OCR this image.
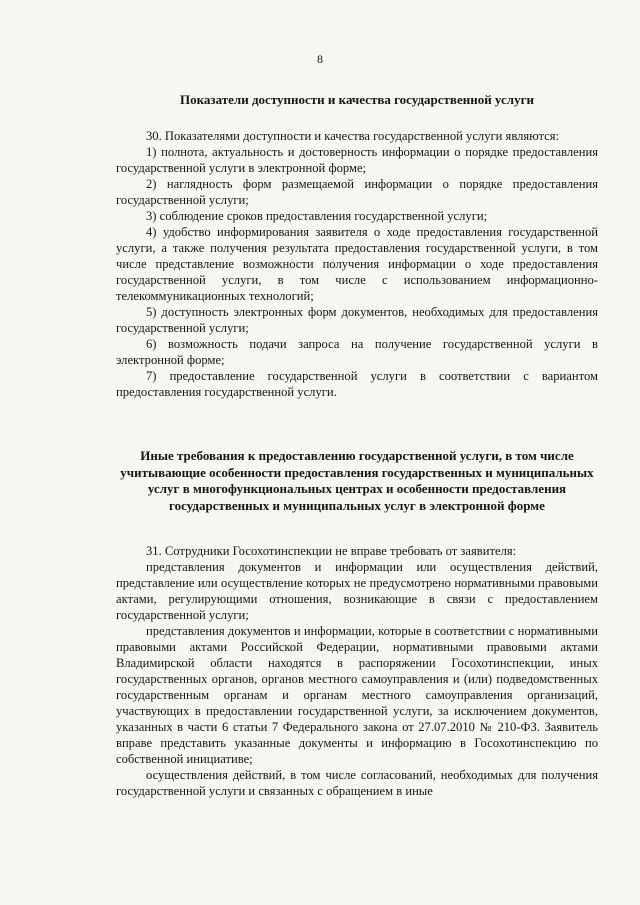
8
Показатели доступности и качества государственной услуги

30. Показателями доступности и качества государственной услуги являются:

1) полнота, актуальность и достоверность информации о порядке предоставления государственной услуги в электронной форме;

2) наглядность форм размещаемой информации о порядке предоставления государственной услуги;

3) соблюдение сроков предоставления государственной услуги;

4) удобство информирования заявителя о ходе предоставления государственной услуги, а также получения результата предоставления государственной услуги, в том числе представление возможности получения информации о ходе предоставления государственной услуги, в том числе с использованием информационно-телекоммуникационных технологий;

5) доступность электронных форм документов, необходимых для предоставления государственной услуги;

6) возможность подачи запроса на получение государственной услуги в электронной форме;

7) предоставление государственной услуги в соответствии с вариантом предоставления государственной услуги.

Иные требования к предоставлению государственной услуги, в том числе учитывающие особенности предоставления государственных и муниципальных услуг в многофункциональных центрах и особенности предоставления государственных и муниципальных услуг в электронной форме

31. Сотрудники Госохотинспекции не вправе требовать от заявителя:

представления документов и информации или осуществления действий, представление или осуществление которых не предусмотрено нормативными правовыми актами, регулирующими отношения, возникающие в связи с предоставлением государственной услуги;

представления документов и информации, которые в соответствии с нормативными правовыми актами Российской Федерации, нормативными правовыми актами Владимирской области находятся в распоряжении Госохотинспекции, иных государственных органов, органов местного самоуправления и (или) подведомственных государственным органам и органам местного самоуправления организаций, участвующих в предоставлении государственной услуги, за исключением документов, указанных в части 6 статьи 7 Федерального закона от 27.07.2010 № 210-ФЗ. Заявитель вправе представить указанные документы и информацию в Госохотинспекцию по собственной инициативе;

осуществления действий, в том числе согласований, необходимых для получения государственной услуги и связанных с обращением в иные
